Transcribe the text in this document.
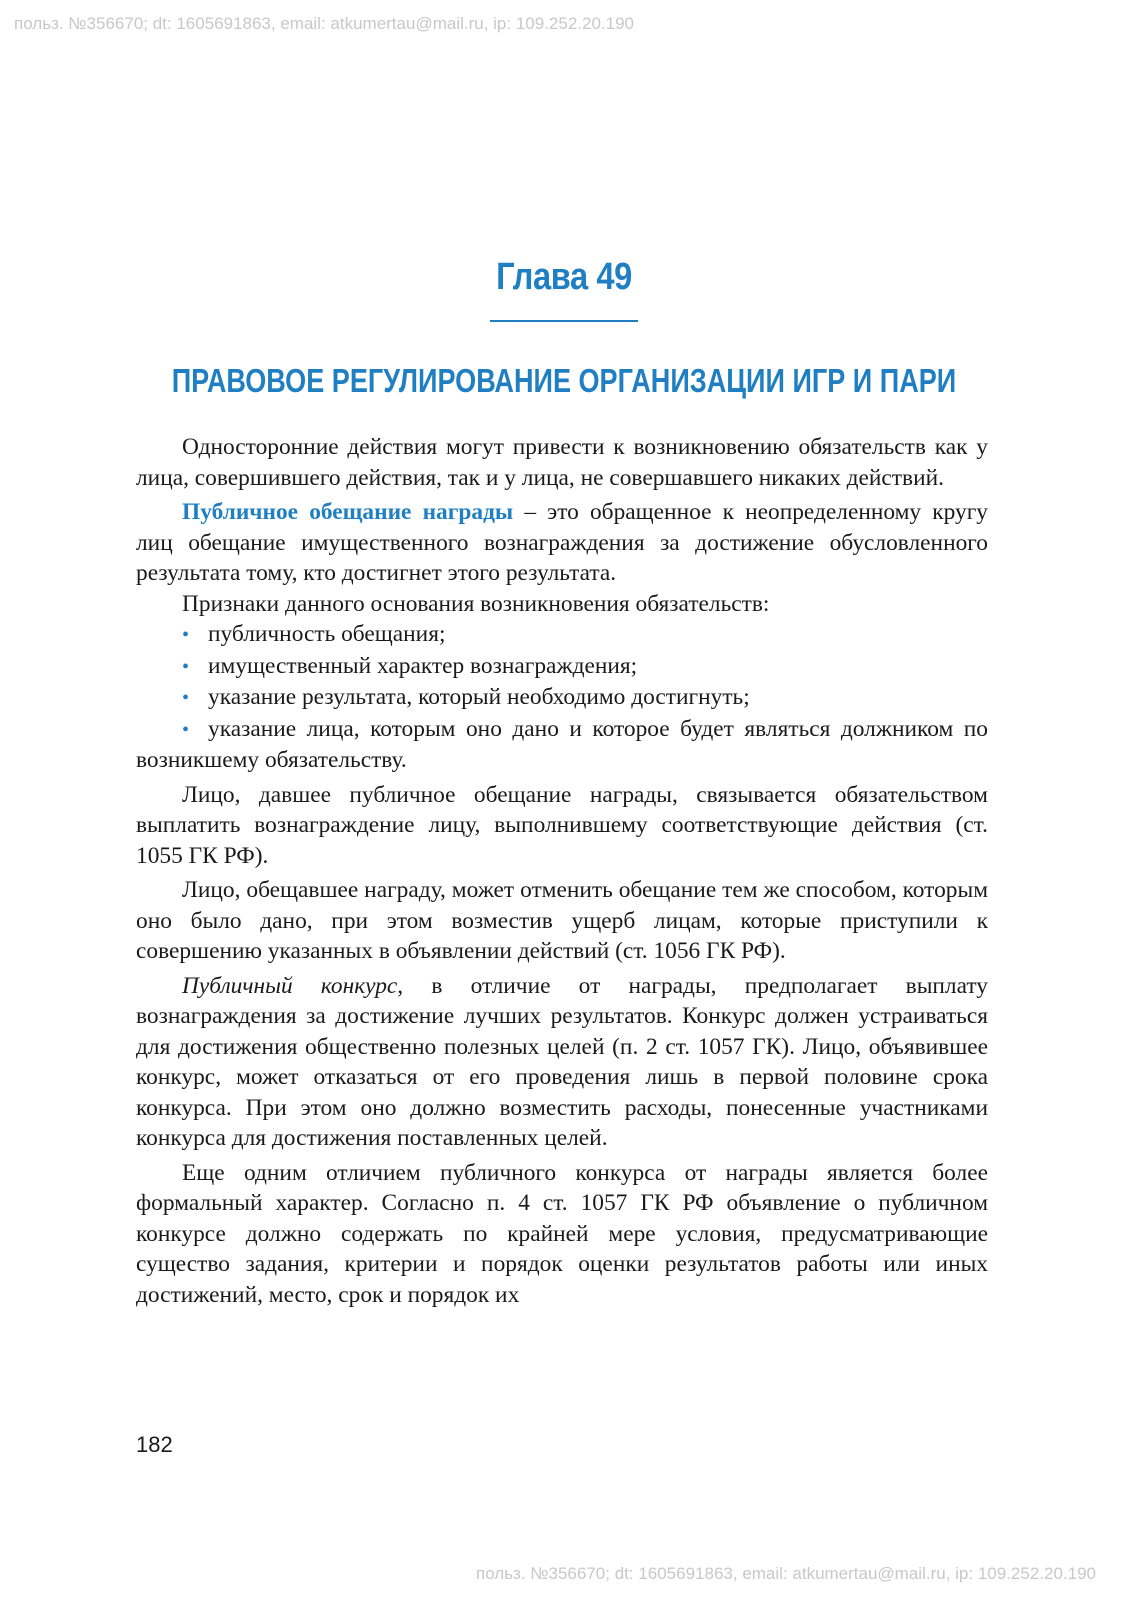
польз. №356670; dt: 1605691863, email: atkumertau@mail.ru, ip: 109.252.20.190
Глава 49
ПРАВОВОЕ РЕГУЛИРОВАНИЕ ОРГАНИЗАЦИИ ИГР И ПАРИ

Односторонние действия могут привести к возникновению обязательств как у лица, совершившего действия, так и у лица, не совершавшего никаких действий.

Публичное обещание награды – это обращенное к неопределенному кругу лиц обещание имущественного вознаграждения за достижение обусловленного результата тому, кто достигнет этого результата.

Признаки данного основания возникновения обязательств:

• публичность обещания;
• имущественный характер вознаграждения;
• указание результата, который необходимо достигнуть;
• указание лица, которым оно дано и которое будет являться должником по возникшему обязательству.

Лицо, давшее публичное обещание награды, связывается обязательством выплатить вознаграждение лицу, выполнившему соответствующие действия (ст. 1055 ГК РФ).

Лицо, обещавшее награду, может отменить обещание тем же способом, которым оно было дано, при этом возместив ущерб лицам, которые приступили к совершению указанных в объявлении действий (ст. 1056 ГК РФ).

Публичный конкурс, в отличие от награды, предполагает выплату вознаграждения за достижение лучших результатов. Конкурс должен устраиваться для достижения общественно полезных целей (п. 2 ст. 1057 ГК). Лицо, объявившее конкурс, может отказаться от его проведения лишь в первой половине срока конкурса. При этом оно должно возместить расходы, понесенные участниками конкурса для достижения поставленных целей.

Еще одним отличием публичного конкурса от награды является более формальный характер. Согласно п. 4 ст. 1057 ГК РФ объявление о публичном конкурсе должно содержать по крайней мере условия, предусматривающие существо задания, критерии и порядок оценки результатов работы или иных достижений, место, срок и порядок их

182
польз. №356670; dt: 1605691863, email: atkumertau@mail.ru, ip: 109.252.20.190
